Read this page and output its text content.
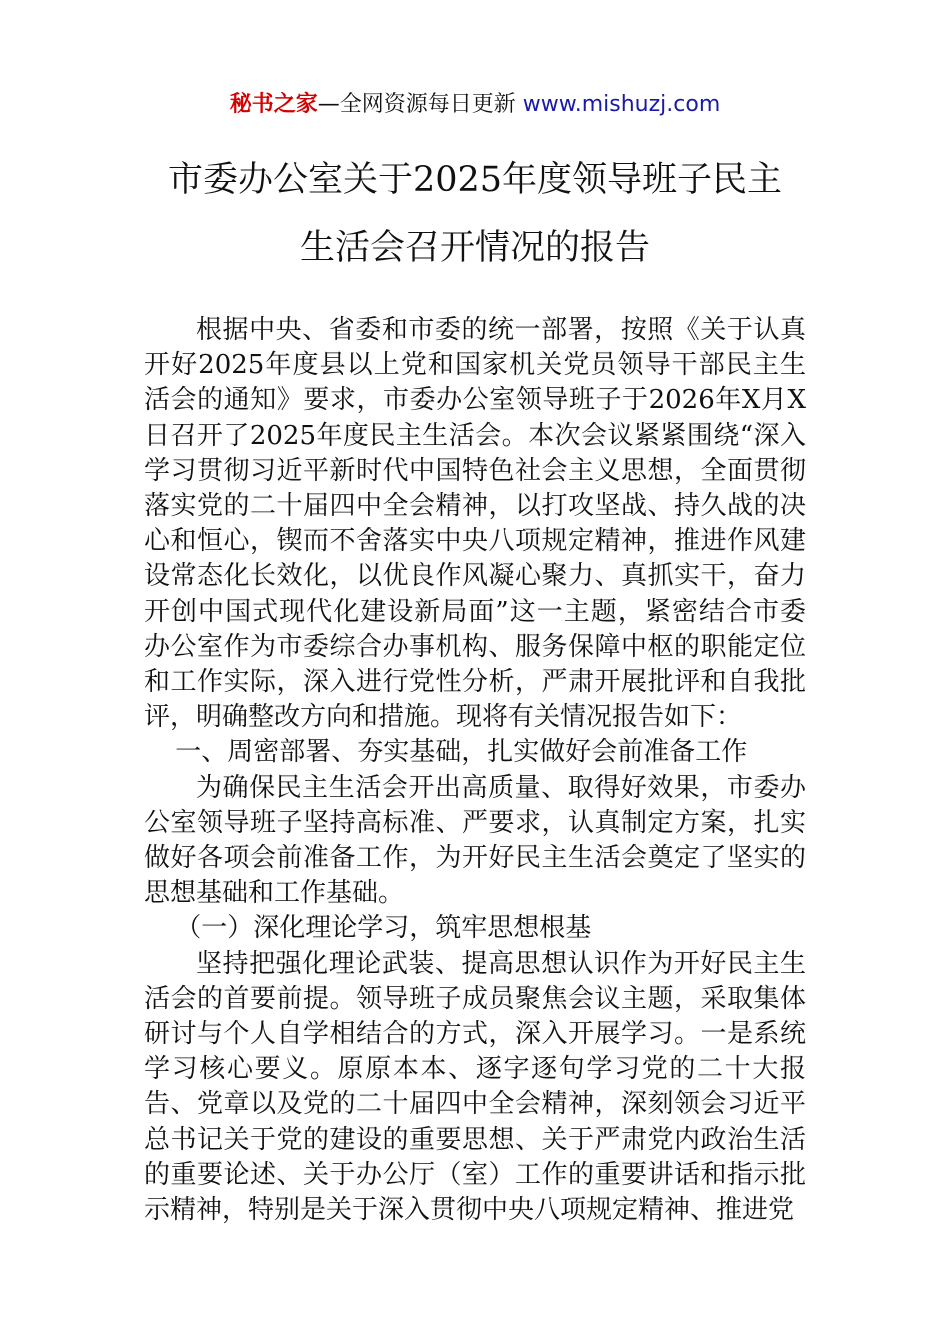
秘书之家—全网资源每日更新 www.mishuzj.com
市委办公室关于2025年度领导班子民主
生活会召开情况的报告

根据中央、省委和市委的统一部署，按照《关于认真开好2025年度县以上党和国家机关党员领导干部民主生活会的通知》要求，市委办公室领导班子于2026年X月X日召开了2025年度民主生活会。本次会议紧紧围绕“深入学习贯彻习近平新时代中国特色社会主义思想，全面贯彻落实党的二十届四中全会精神，以打攻坚战、持久战的决心和恒心，锲而不舍落实中央八项规定精神，推进作风建设常态化长效化，以优良作风凝心聚力、真抓实干，奋力开创中国式现代化建设新局面”这一主题，紧密结合市委办公室作为市委综合办事机构、服务保障中枢的职能定位和工作实际，深入进行党性分析，严肃开展批评和自我批评，明确整改方向和措施。现将有关情况报告如下：

一、周密部署、夯实基础，扎实做好会前准备工作

为确保民主生活会开出高质量、取得好效果，市委办公室领导班子坚持高标准、严要求，认真制定方案，扎实做好各项会前准备工作，为开好民主生活会奠定了坚实的思想基础和工作基础。

（一）深化理论学习，筑牢思想根基

坚持把强化理论武装、提高思想认识作为开好民主生活会的首要前提。领导班子成员聚焦会议主题，采取集体研讨与个人自学相结合的方式，深入开展学习。一是系统学习核心要义。原原本本、逐字逐句学习党的二十大报告、党章以及党的二十届四中全会精神，深刻领会习近平总书记关于党的建设的重要思想、关于严肃党内政治生活的重要论述、关于办公厅（室）工作的重要讲话和指示批示精神，特别是关于深入贯彻中央八项规定精神、推进党
